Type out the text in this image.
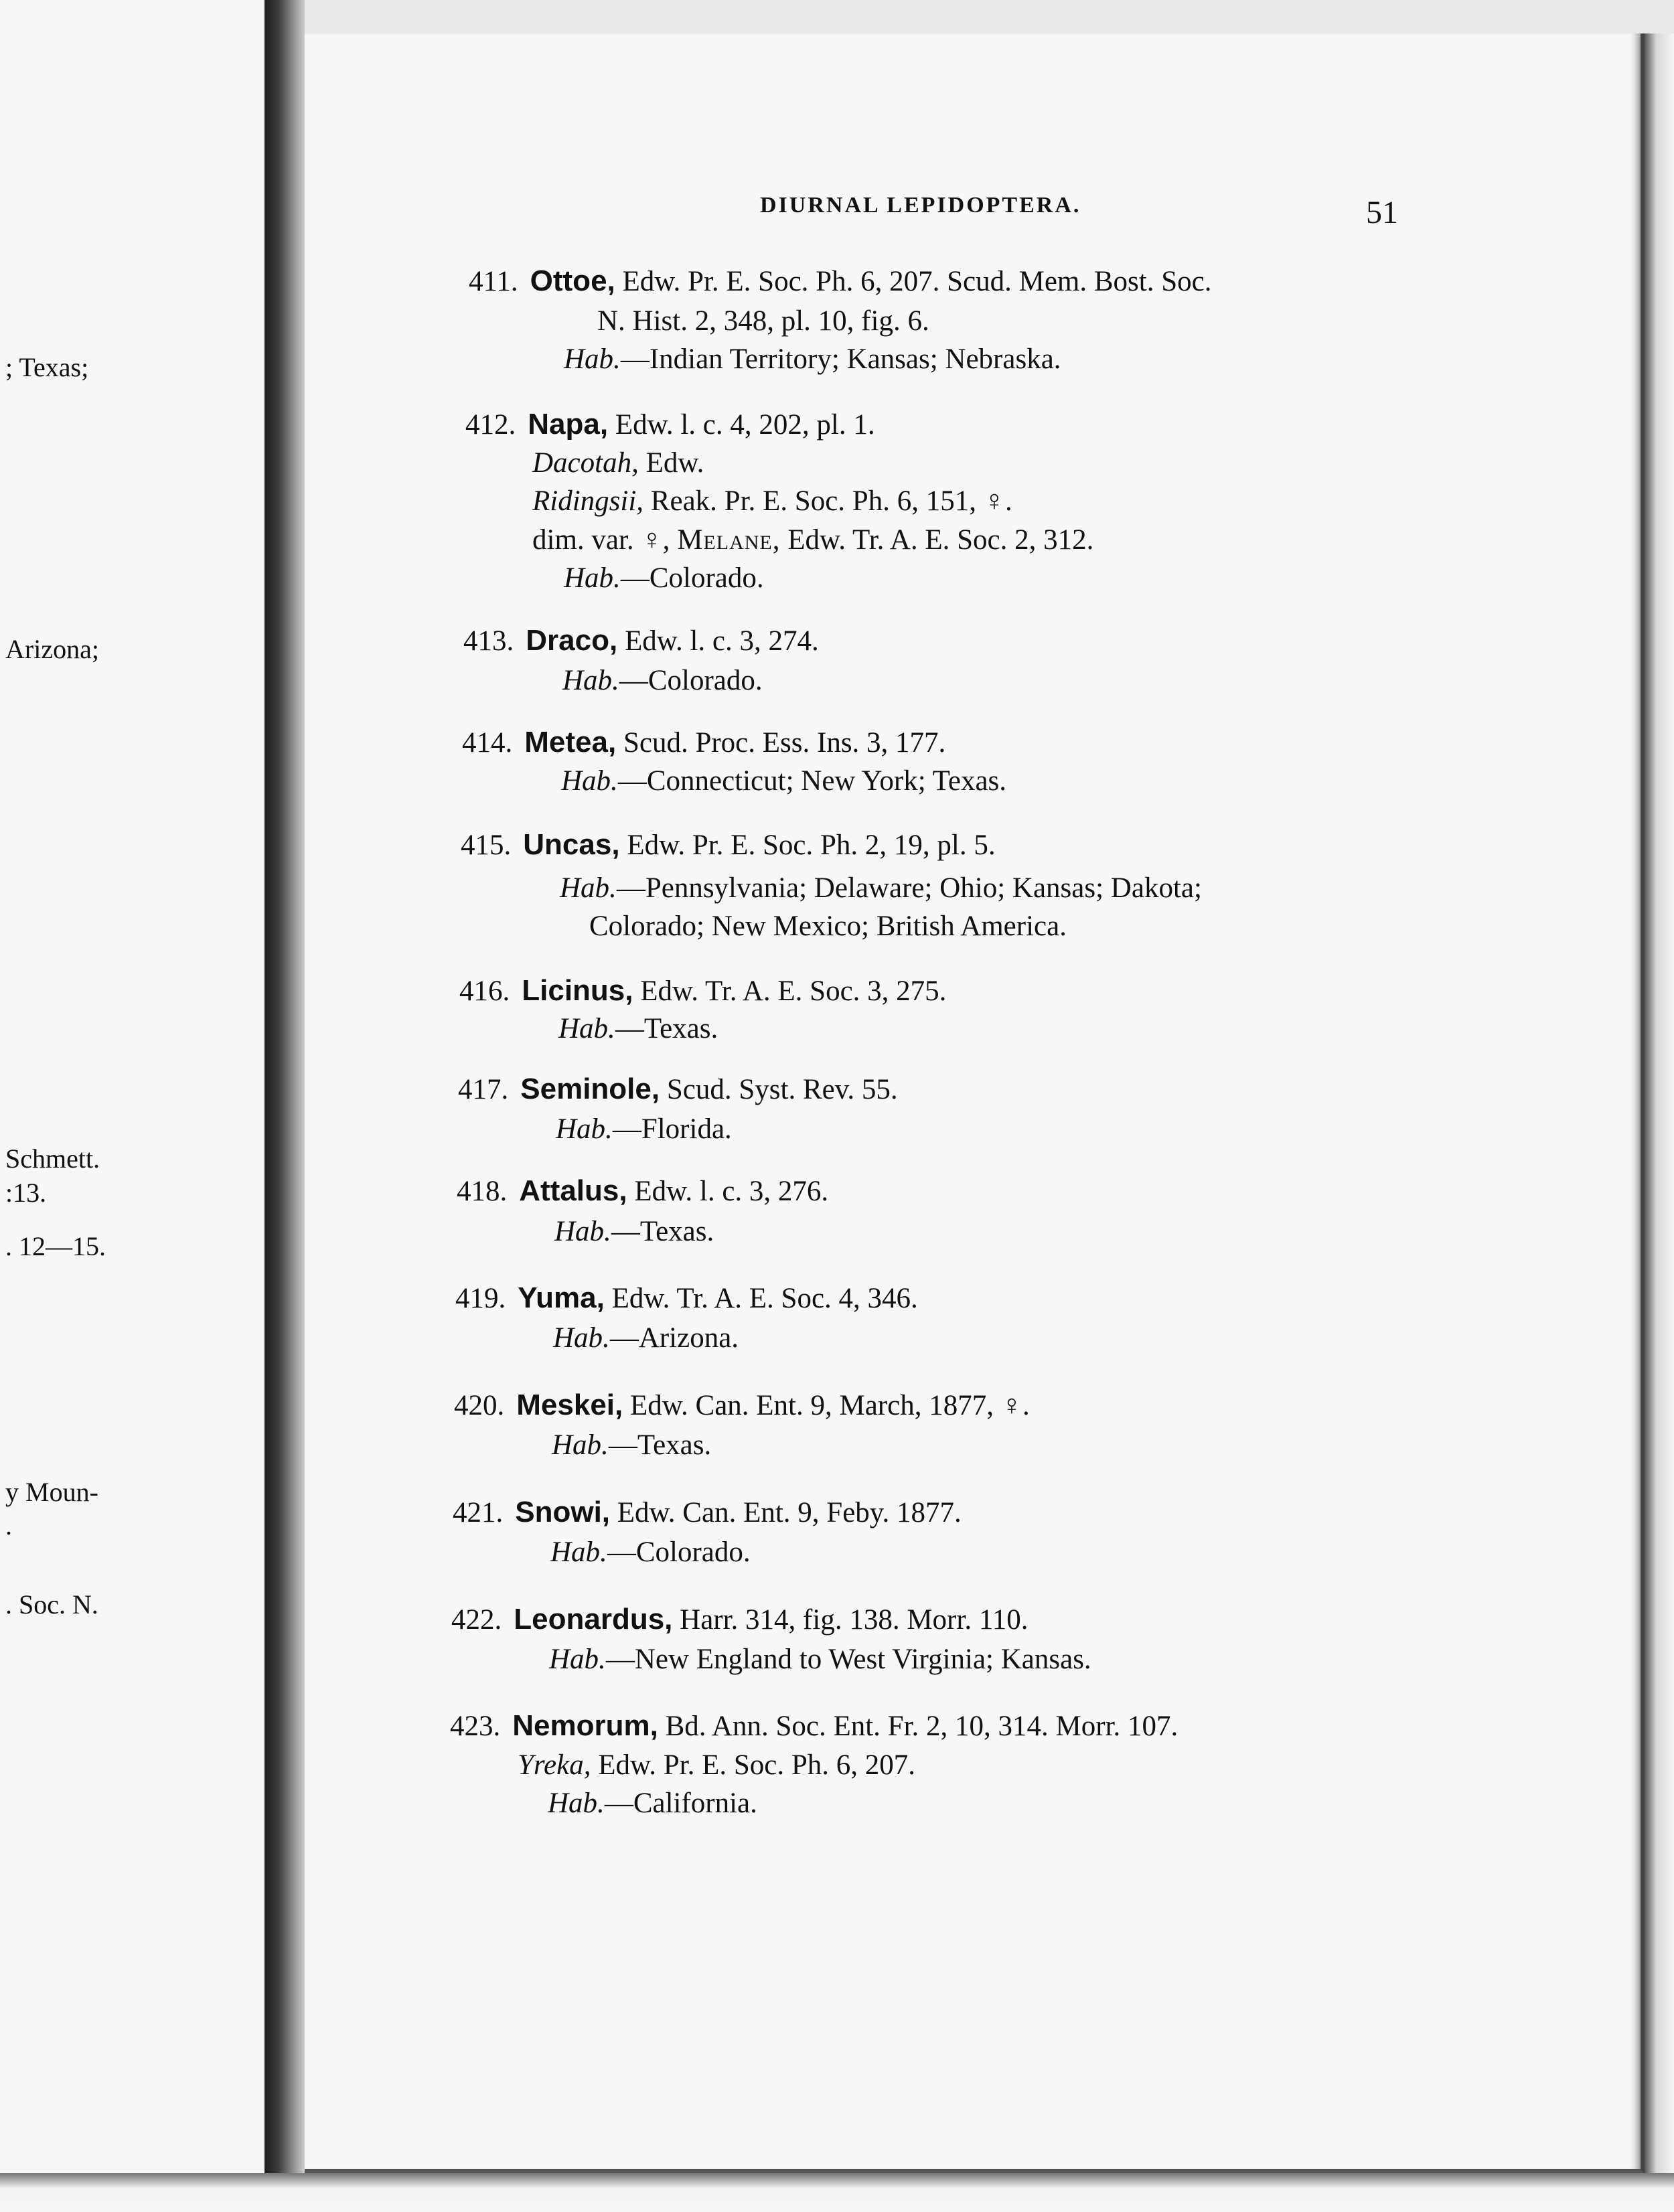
; Texas;
Arizona;
Schmett.
:13.
. 12—15.
y Moun-
.
. Soc. N.
DIURNAL LEPIDOPTERA.	51
411. Ottoe, Edw. Pr. E. Soc. Ph. 6, 207. Scud. Mem. Bost. Soc.
N. Hist. 2, 348, pl. 10, fig. 6.
Hab.—Indian Territory; Kansas; Nebraska.
412. Napa, Edw. l. c. 4, 202, pl. 1.
Dacotah, Edw.
Ridingsii, Reak. Pr. E. Soc. Ph. 6, 151, ♀.
dim. var. ♀, Melane, Edw. Tr. A. E. Soc. 2, 312.
Hab.—Colorado.
413. Draco, Edw. l. c. 3, 274.
Hab.—Colorado.
414. Metea, Scud. Proc. Ess. Ins. 3, 177.
Hab.—Connecticut; New York; Texas.
415. Uncas, Edw. Pr. E. Soc. Ph. 2, 19, pl. 5.
Hab.—Pennsylvania; Delaware; Ohio; Kansas; Dakota;
Colorado; New Mexico; British America.
416. Licinus, Edw. Tr. A. E. Soc. 3, 275.
Hab.—Texas.
417. Seminole, Scud. Syst. Rev. 55.
Hab.—Florida.
418. Attalus, Edw. l. c. 3, 276.
Hab.—Texas.
419. Yuma, Edw. Tr. A. E. Soc. 4, 346.
Hab.—Arizona.
420. Meskei, Edw. Can. Ent. 9, March, 1877, ♀.
Hab.—Texas.
421. Snowi, Edw. Can. Ent. 9, Feby. 1877.
Hab.—Colorado.
422. Leonardus, Harr. 314, fig. 138. Morr. 110.
Hab.—New England to West Virginia; Kansas.
423. Nemorum, Bd. Ann. Soc. Ent. Fr. 2, 10, 314. Morr. 107.
Yreka, Edw. Pr. E. Soc. Ph. 6, 207.
Hab.—California.
